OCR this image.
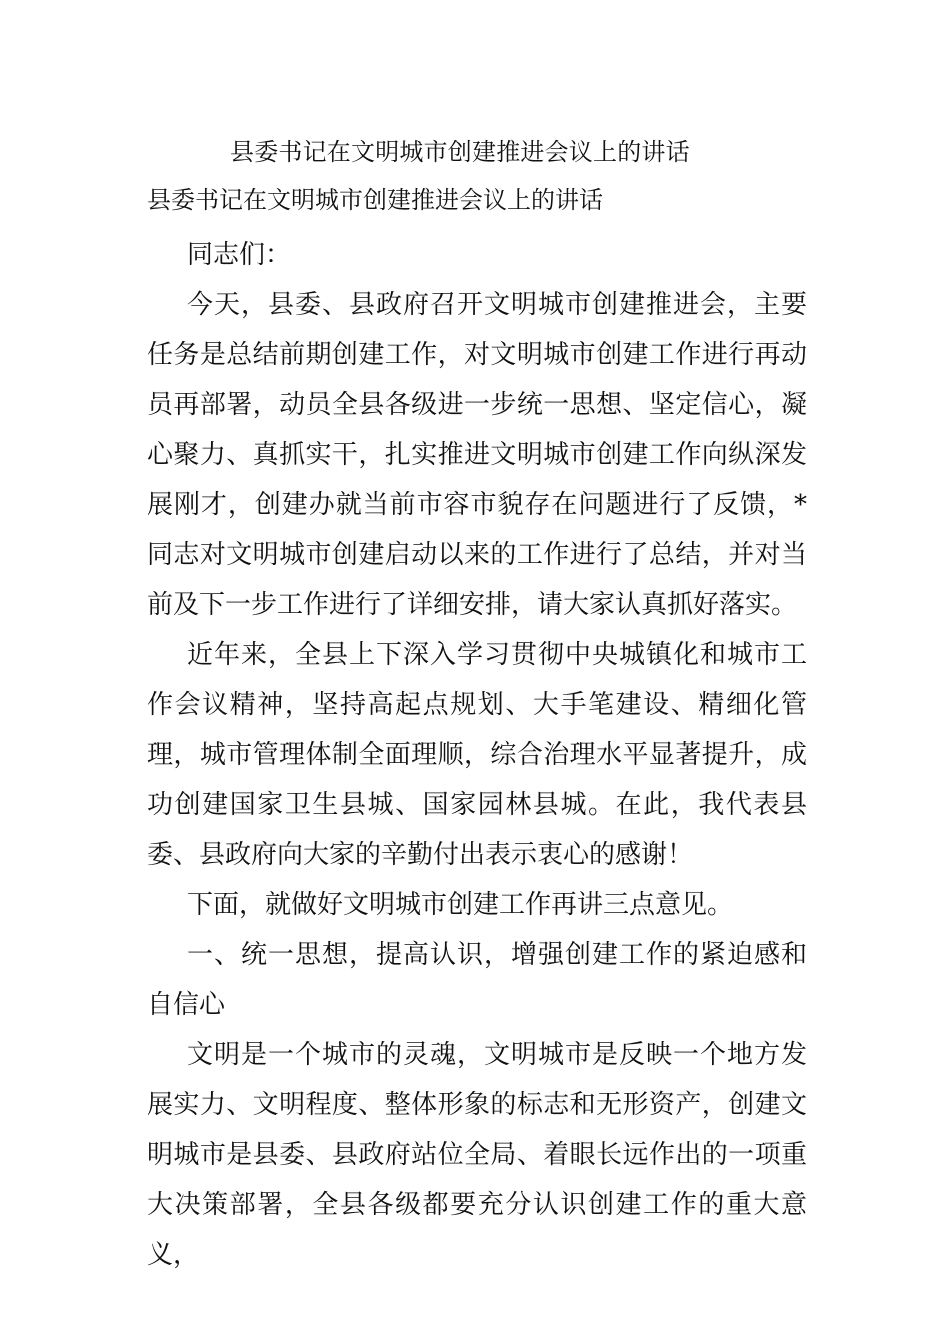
县委书记在文明城市创建推进会议上的讲话
县委书记在文明城市创建推进会议上的讲话

同志们：

今天，县委、县政府召开文明城市创建推进会，主要任务是总结前期创建工作，对文明城市创建工作进行再动员再部署，动员全县各级进一步统一思想、坚定信心，凝心聚力、真抓实干，扎实推进文明城市创建工作向纵深发展刚才，创建办就当前市容市貌存在问题进行了反馈，*同志对文明城市创建启动以来的工作进行了总结，并对当前及下一步工作进行了详细安排，请大家认真抓好落实。

近年来，全县上下深入学习贯彻中央城镇化和城市工作会议精神，坚持高起点规划、大手笔建设、精细化管理，城市管理体制全面理顺，综合治理水平显著提升，成功创建国家卫生县城、国家园林县城。在此，我代表县委、县政府向大家的辛勤付出表示衷心的感谢！

下面，就做好文明城市创建工作再讲三点意见。

一、统一思想，提高认识，增强创建工作的紧迫感和自信心

文明是一个城市的灵魂，文明城市是反映一个地方发展实力、文明程度、整体形象的标志和无形资产，创建文明城市是县委、县政府站位全局、着眼长远作出的一项重大决策部署，全县各级都要充分认识创建工作的重大意义，
